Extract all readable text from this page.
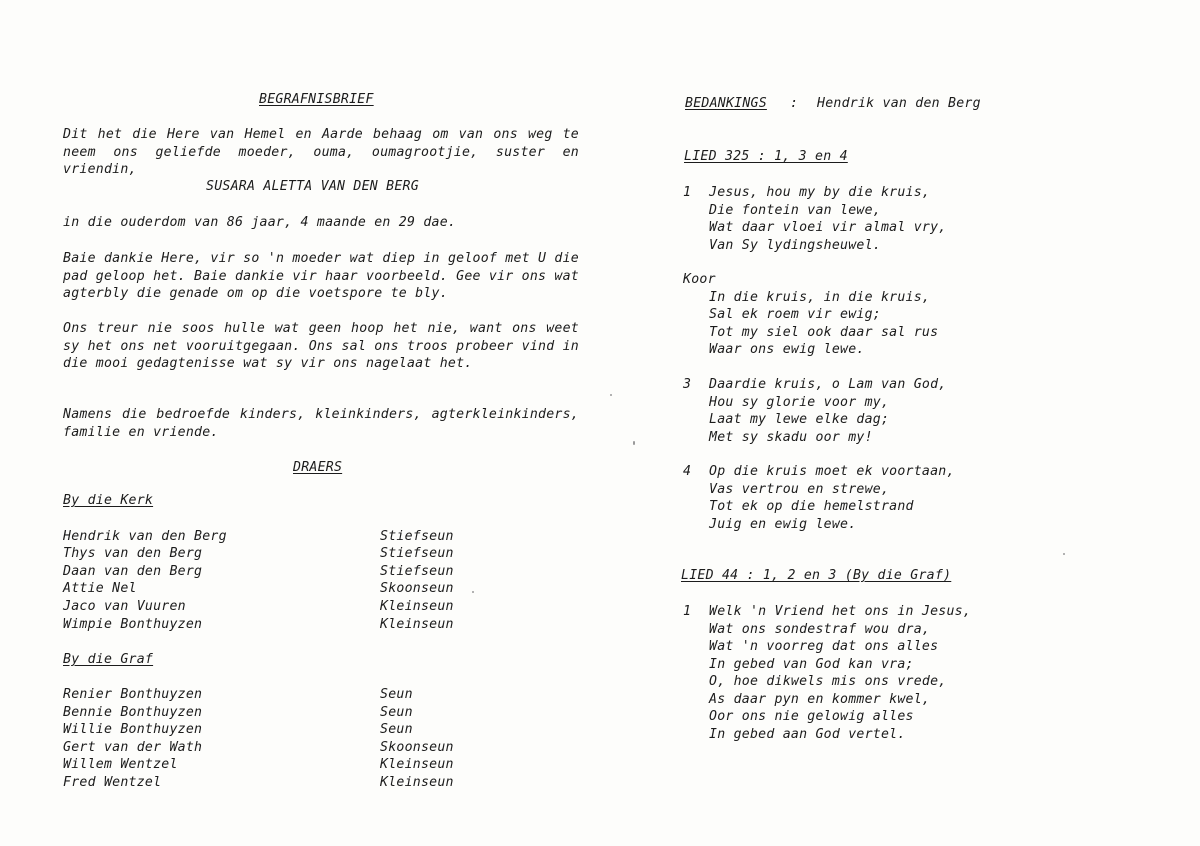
BEGRAFNISBRIEF
Dit het die Here van Hemel en Aarde behaag om van ons weg te neem ons geliefde moeder, ouma, oumagrootjie, suster en vriendin,
SUSARA ALETTA VAN DEN BERG
in die ouderdom van 86 jaar, 4 maande en 29 dae.
Baie dankie Here, vir so 'n moeder wat diep in geloof met U die pad geloop het. Baie dankie vir haar voorbeeld. Gee vir ons wat agterbly die genade om op die voetspore te bly.
Ons treur nie soos hulle wat geen hoop het nie, want ons weet sy het ons net vooruitgegaan. Ons sal ons troos probeer vind in die mooi gedagtenisse wat sy vir ons nagelaat het.
Namens die bedroefde kinders, kleinkinders, agterkleinkinders, familie en vriende.
DRAERS
By die Kerk
Hendrik van den Berg	Stiefseun
Thys van den Berg	Stiefseun
Daan van den Berg	Stiefseun
Attie Nel	Skoonseun
Jaco van Vuuren	Kleinseun
Wimpie Bonthuyzen	Kleinseun
By die Graf
Renier Bonthuyzen	Seun
Bennie Bonthuyzen	Seun
Willie Bonthuyzen	Seun
Gert van der Wath	Skoonseun
Willem Wentzel	Kleinseun
Fred Wentzel	Kleinseun
BEDANKINGS : Hendrik van den Berg
LIED 325 : 1, 3 en 4
1	Jesus, hou my by die kruis,
Die fontein van lewe,
Wat daar vloei vir almal vry,
Van Sy lydingsheuwel.
Koor
In die kruis, in die kruis,
Sal ek roem vir ewig;
Tot my siel ook daar sal rus
Waar ons ewig lewe.
3	Daardie kruis, o Lam van God,
Hou sy glorie voor my,
Laat my lewe elke dag;
Met sy skadu oor my!
4	Op die kruis moet ek voortaan,
Vas vertrou en strewe,
Tot ek op die hemelstrand
Juig en ewig lewe.
LIED 44 : 1, 2 en 3 (By die Graf)
1	Welk 'n Vriend het ons in Jesus,
Wat ons sondestraf wou dra,
Wat 'n voorreg dat ons alles
In gebed van God kan vra;
O, hoe dikwels mis ons vrede,
As daar pyn en kommer kwel,
Oor ons nie gelowig alles
In gebed aan God vertel.
